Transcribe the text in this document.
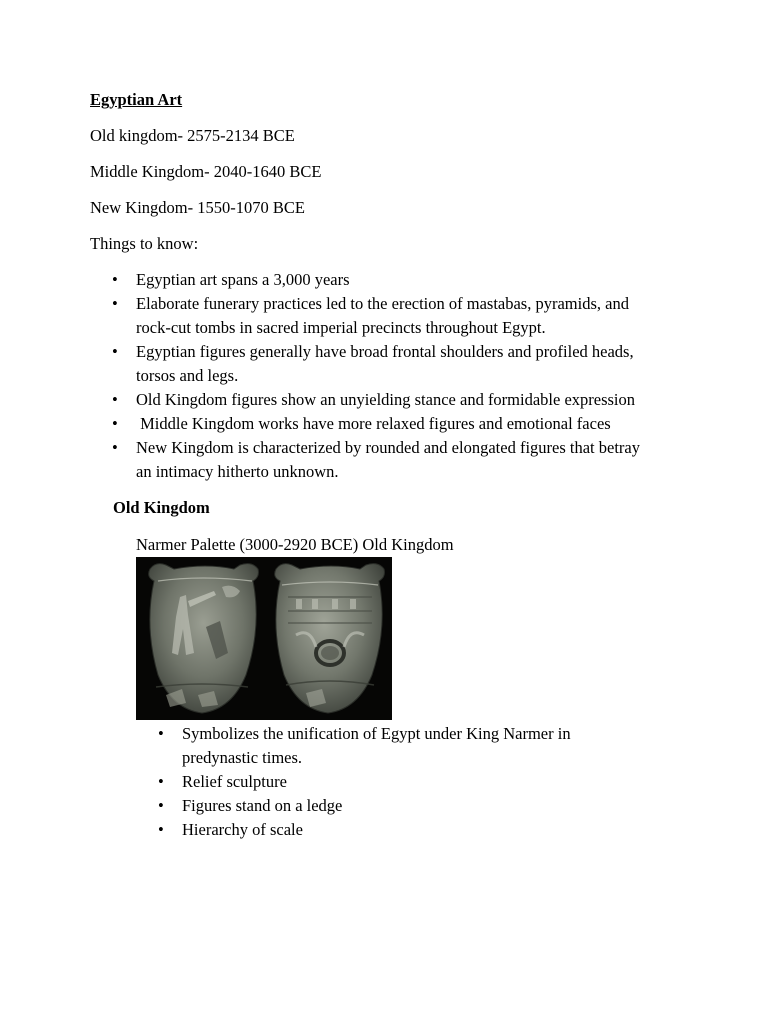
Egyptian Art
Old kingdom- 2575-2134 BCE
Middle Kingdom- 2040-1640 BCE
New Kingdom- 1550-1070 BCE
Things to know:
• Egyptian art spans a 3,000 years
• Elaborate funerary practices led to the erection of mastabas, pyramids, and
rock-cut tombs in sacred imperial precincts throughout Egypt.
• Egyptian figures generally have broad frontal shoulders and profiled heads,
torsos and legs.
• Old Kingdom figures show an unyielding stance and formidable expression
•  Middle Kingdom works have more relaxed figures and emotional faces
• New Kingdom is characterized by rounded and elongated figures that betray
an intimacy hitherto unknown.
Old Kingdom
Narmer Palette (3000-2920 BCE) Old Kingdom
• Symbolizes the unification of Egypt under King Narmer in
predynastic times.
• Relief sculpture
• Figures stand on a ledge
• Hierarchy of scale
